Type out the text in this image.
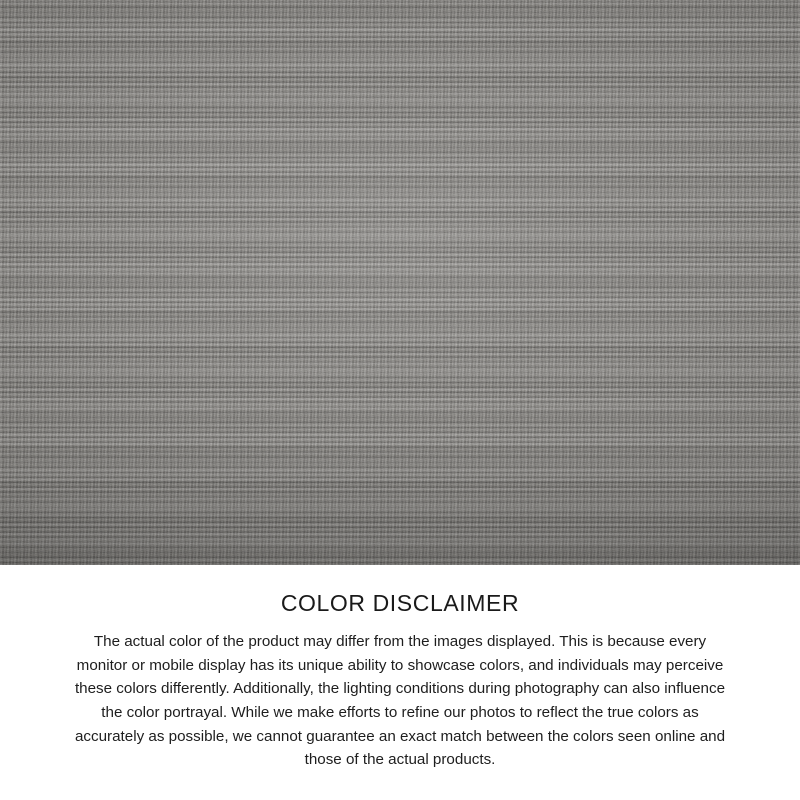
COLOR DISCLAIMER

The actual color of the product may differ from the images displayed. This is because every monitor or mobile display has its unique ability to showcase colors, and individuals may perceive these colors differently. Additionally, the lighting conditions during photography can also influence the color portrayal. While we make efforts to refine our photos to reflect the true colors as accurately as possible, we cannot guarantee an exact match between the colors seen online and those of the actual products.
